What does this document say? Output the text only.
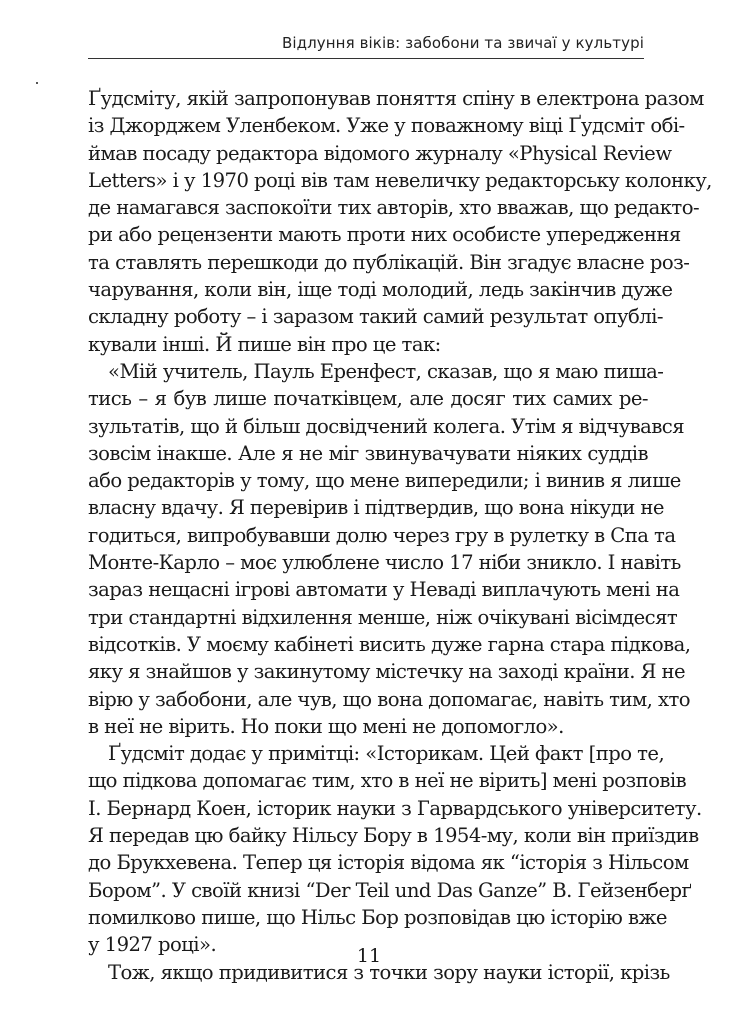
Відлуння віків: забобони та звичаї у культурі
Ґудсміту, якій запропонував поняття спіну в електрона разом
із Джорджем Уленбеком. Уже у поважному віці Ґудсміт обі-
ймав посаду редактора відомого журналу «Physical Review
Letters» і у 1970 році вів там невеличку редакторську колонку,
де намагався заспокоїти тих авторів, хто вважав, що редакто-
ри або рецензенти мають проти них особисте упередження
та ставлять перешкоди до публікацій. Він згадує власне роз-
чарування, коли він, іще тоді молодий, ледь закінчив дуже
складну роботу – і заразом такий самий результат опублі-
кували інші. Й пише він про це так:
«Мій учитель, Пауль Еренфест, сказав, що я маю пиша-
тись – я був лише початківцем, але досяг тих самих ре-
зультатів, що й більш досвідчений колега. Утім я відчувався
зовсім інакше. Але я не міг звинувачувати ніяких суддів
або редакторів у тому, що мене випередили; і винив я лише
власну вдачу. Я перевірив і підтвердив, що вона нікуди не
годиться, випробувавши долю через гру в рулетку в Спа та
Монте-Карло – моє улюблене число 17 ніби зникло. І навіть
зараз нещасні ігрові автомати у Неваді виплачують мені на
три стандартні відхилення менше, ніж очікувані вісімдесят
відсотків. У моєму кабінеті висить дуже гарна стара підкова,
яку я знайшов у закинутому містечку на заході країни. Я не
вірю у забобони, але чув, що вона допомагає, навіть тим, хто
в неї не вірить. Но поки що мені не допомогло».
Ґудсміт додає у примітці: «Історикам. Цей факт [про те,
що підкова допомагає тим, хто в неї не вірить] мені розповів
І. Бернард Коен, історик науки з Гарвардського університету.
Я передав цю байку Нільсу Бору в 1954-му, коли він приїздив
до Брукхевена. Тепер ця історія відома як “історія з Нільсом
Бором”. У своїй книзі “Der Teil und Das Ganze” В. Гейзенберґ
помилково пише, що Нільс Бор розповідав цю історію вже
у 1927 році».
Тож, якщо придивитися з точки зору науки історії, крізь
11
